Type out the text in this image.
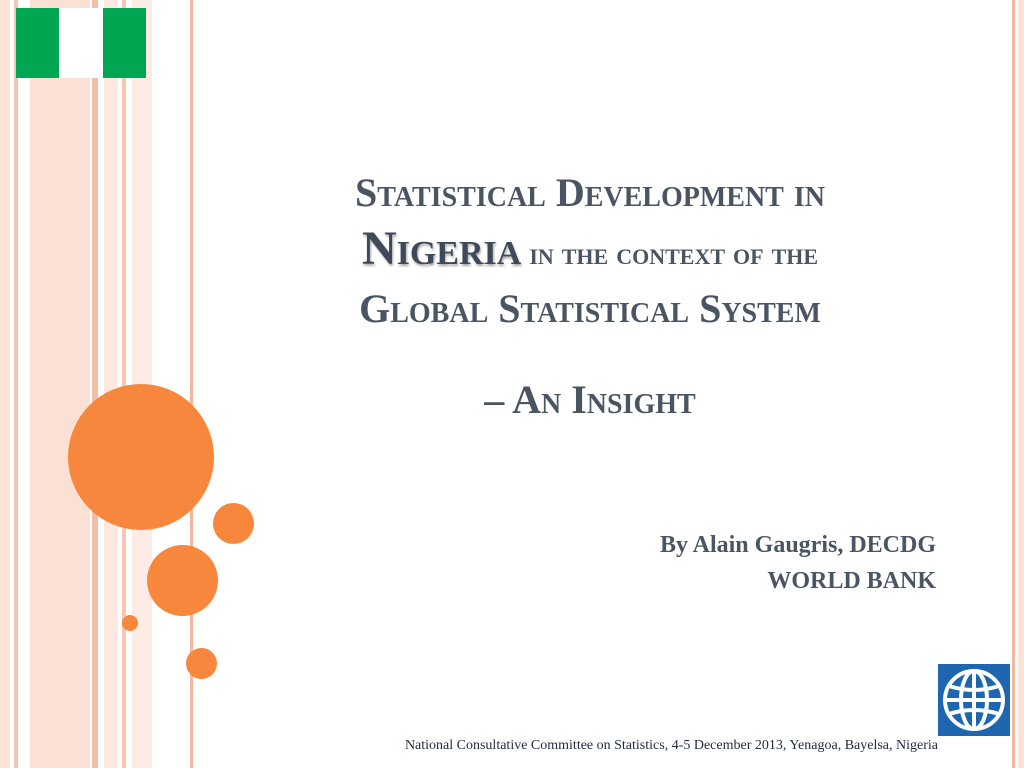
Statistical Development in
Nigeria in the context of the
Global Statistical System
– An Insight
By Alain Gaugris, DECDG
WORLD BANK
National Consultative Committee on Statistics, 4-5 December 2013, Yenagoa, Bayelsa, Nigeria
